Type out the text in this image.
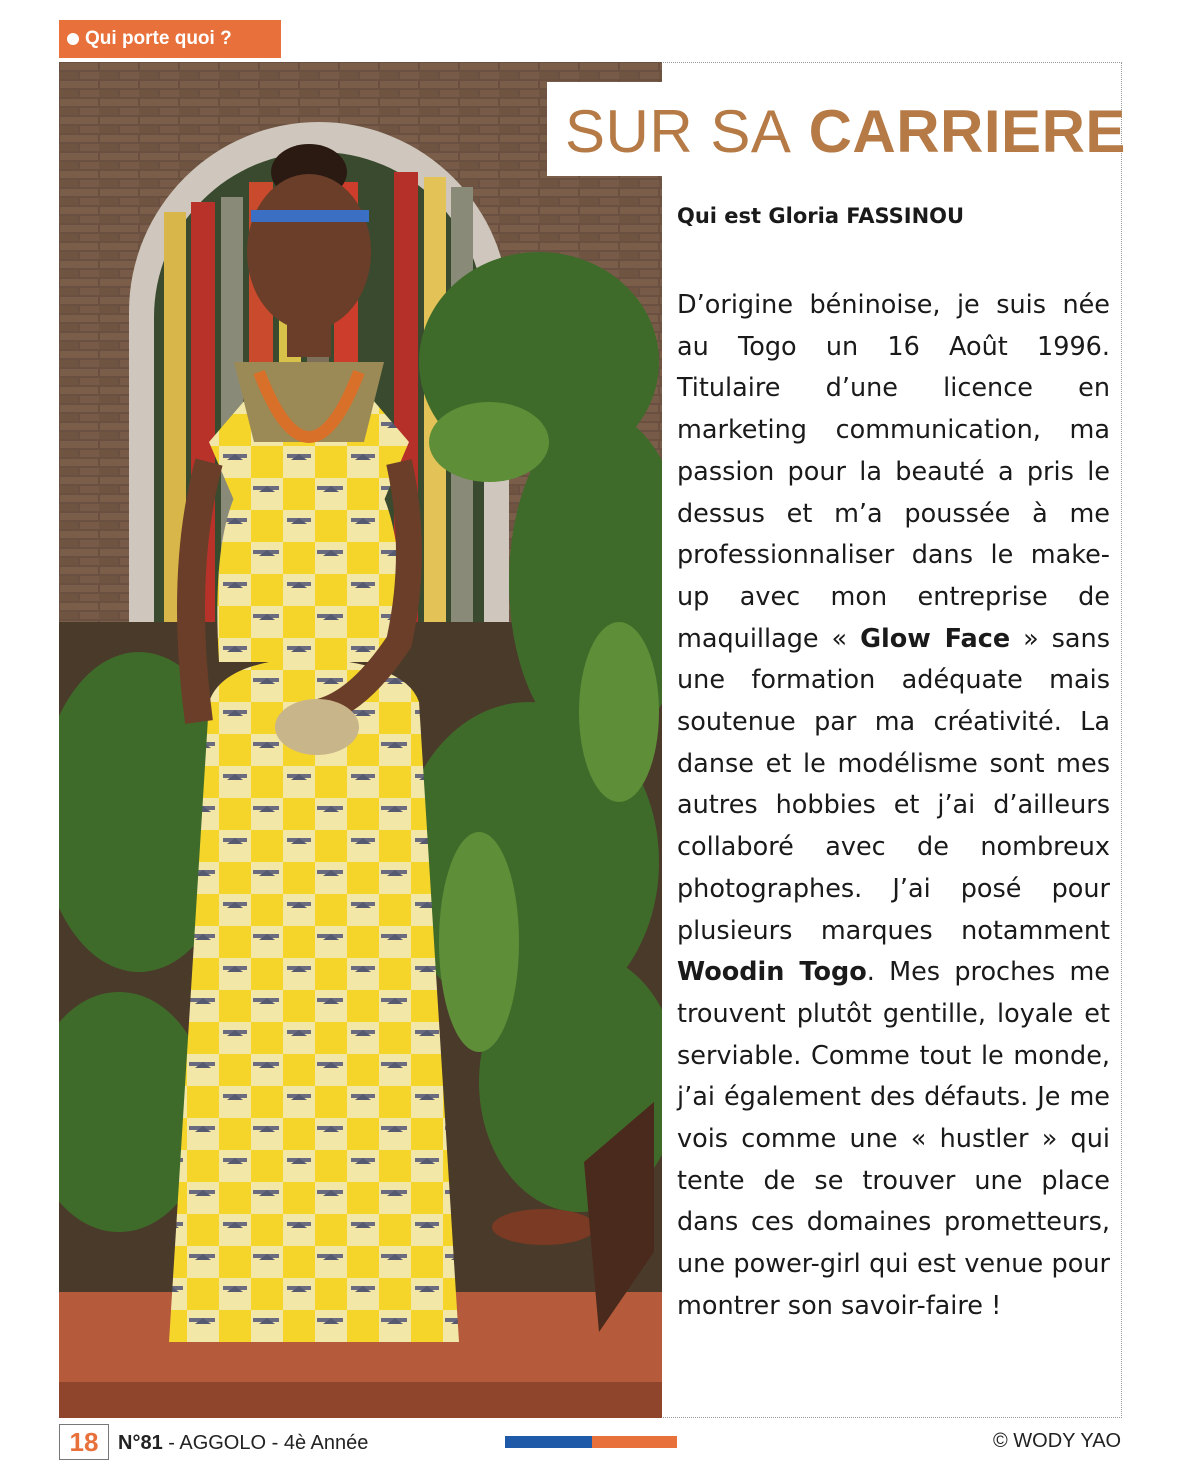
Qui porte quoi ?
SUR SA CARRIERE
Qui est Gloria FASSINOU

D’origine béninoise, je suis née au Togo un 16 Août 1996. Titulaire d’une licence en marketing communication, ma passion pour la beauté a pris le dessus et m’a poussée à me professionnaliser dans le make-up avec mon entreprise de maquillage « Glow Face » sans une formation adéquate mais soutenue par ma créativité. La danse et le modélisme sont mes autres hobbies et j’ai d’ailleurs collaboré avec de nombreux photographes. J’ai posé pour plusieurs marques notamment Woodin Togo. Mes proches me trouvent plutôt gentille, loyale et serviable. Comme tout le monde, j’ai également des défauts. Je me vois comme une « hustler » qui tente de se trouver une place dans ces domaines prometteurs, une power-girl qui est venue pour montrer son savoir-faire !

18 N°81 - AGGOLO - 4è Année	© WODY YAO
